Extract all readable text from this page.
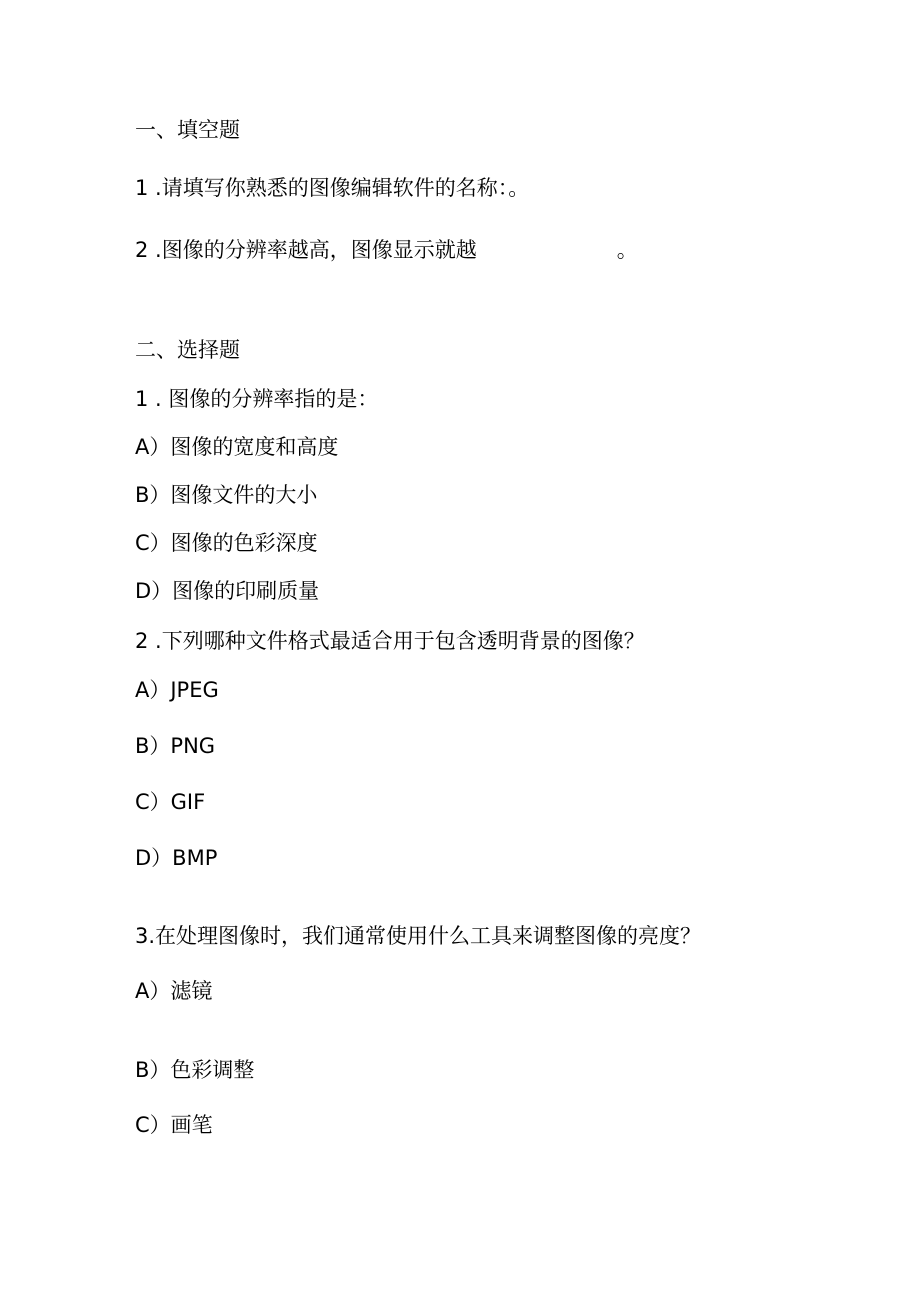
一、填空题
1 .请填写你熟悉的图像编辑软件的名称：。
2 .图像的分辨率越高，图像显示就越	。
二、选择题
1 . 图像的分辨率指的是：
A）图像的宽度和高度
B）图像文件的大小
C）图像的色彩深度
D）图像的印刷质量
2 .下列哪种文件格式最适合用于包含透明背景的图像？
A）JPEG
B）PNG
C）GIF
D）BMP
3.在处理图像时，我们通常使用什么工具来调整图像的亮度？
A）滤镜
B）色彩调整
C）画笔
